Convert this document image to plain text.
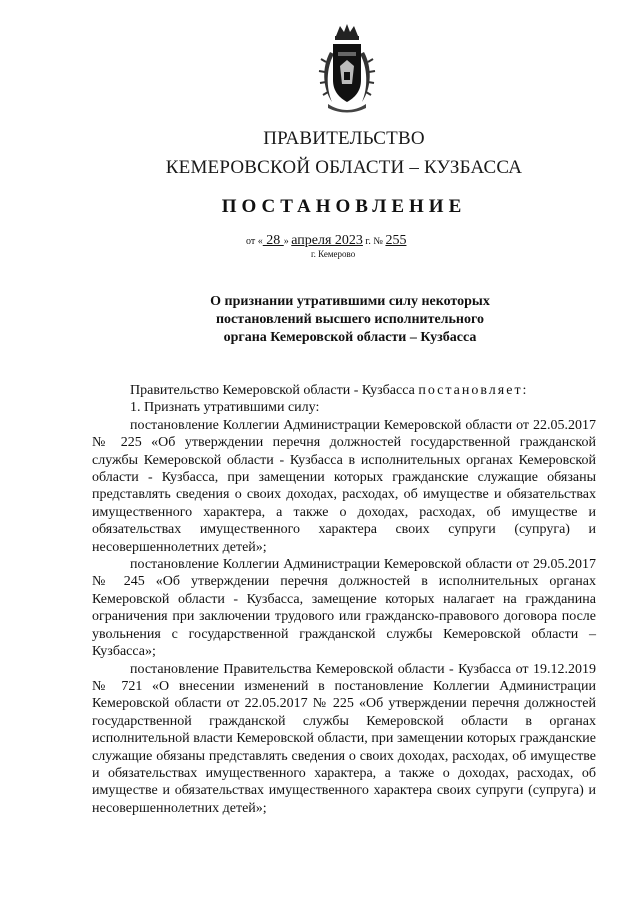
ПРАВИТЕЛЬСТВО
КЕМЕРОВСКОЙ ОБЛАСТИ – КУЗБАССА
ПОСТАНОВЛЕНИЕ
от « 28 » апреля 2023 г. № 255
г. Кемерово
О признании утратившими силу некоторых
постановлений высшего исполнительного
органа Кемеровской области – Кузбасса

Правительство Кемеровской области - Кузбасса постановляет:

1. Признать утратившими силу:

постановление Коллегии Администрации Кемеровской области от 22.05.2017 № 225 «Об утверждении перечня должностей государственной гражданской службы Кемеровской области - Кузбасса в исполнительных органах Кемеровской области - Кузбасса, при замещении которых гражданские служащие обязаны представлять сведения о своих доходах, расходах, об имуществе и обязательствах имущественного характера, а также о доходах, расходах, об имуществе и обязательствах имущественного характера своих супруги (супруга) и несовершеннолетних детей»;

постановление Коллегии Администрации Кемеровской области от 29.05.2017 № 245 «Об утверждении перечня должностей в исполнительных органах Кемеровской области - Кузбасса, замещение которых налагает на гражданина ограничения при заключении трудового или гражданско-правового договора после увольнения с государственной гражданской службы Кемеровской области – Кузбасса»;

постановление Правительства Кемеровской области - Кузбасса от 19.12.2019 № 721 «О внесении изменений в постановление Коллегии Администрации Кемеровской области от 22.05.2017 № 225 «Об утверждении перечня должностей государственной гражданской службы Кемеровской области в органах исполнительной власти Кемеровской области, при замещении которых гражданские служащие обязаны представлять сведения о своих доходах, расходах, об имуществе и обязательствах имущественного характера, а также о доходах, расходах, об имуществе и обязательствах имущественного характера своих супруги (супруга) и несовершеннолетних детей»;
